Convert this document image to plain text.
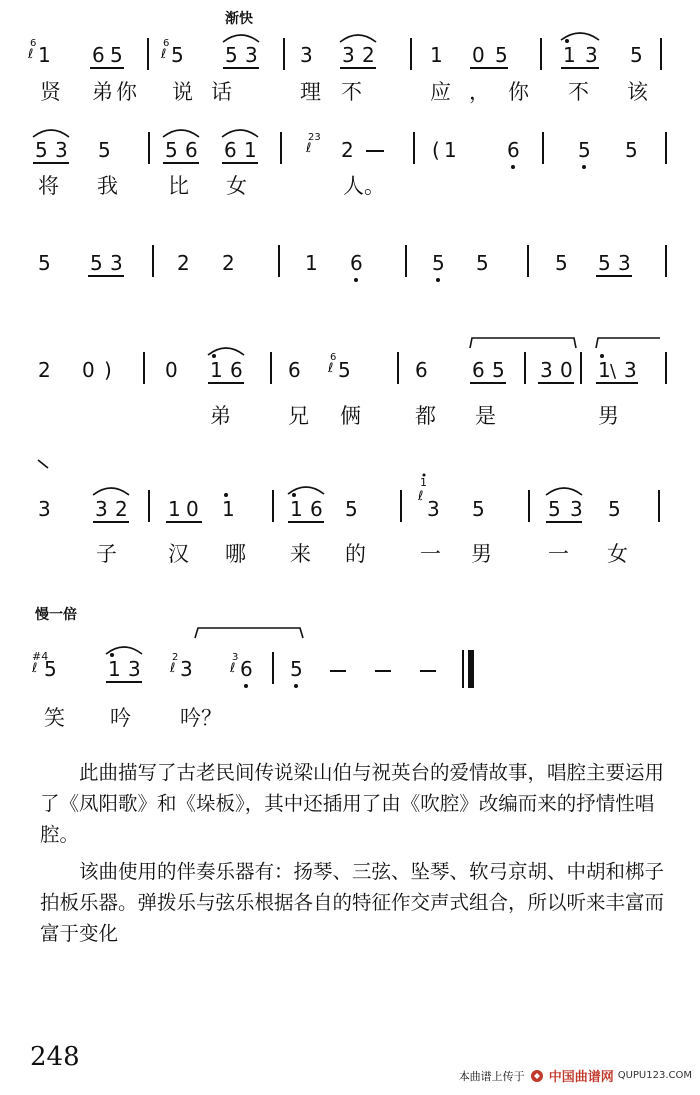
渐快
慢一倍
6
ℓ 1 6 5	6
ℓ 5 5 3 3 3 2	1 0 5	1 3 5
5 3 5	5 6 6 1
23
ℓ 2	( 1	6	5 5
5 5 3	2 2	1 6	5 5	5 5 3
2 0 )	0 1 6 6
6
ℓ 5	6 6 5 3 0 1 \ 3
3 3 2 1 0 1	1 6 5
1
ℓ
3 5	5 3 5
#4
ℓ 5	1 3	2
ℓ 3	3
ℓ 6 5
贤 弟你 说话 理不 应，你 不该
将我 比 女	人。
弟	兄 俩	都 是	男
子 汉 哪 来 的	一男 一女
笑 吟 吟？

此曲描写了古老民间传说梁山伯与祝英台的爱情故事，唱腔主要运用了《凤阳歌》和《垛板》，其中还插用了由《吹腔》改编而来的抒情性唱腔。

该曲使用的伴奏乐器有：扬琴、三弦、坠琴、软弓京胡、中胡和梆子拍板乐器。弹拨乐与弦乐根据各自的特征作交声式组合，所以听来丰富而富于变化

248
本曲谱上传于 中国曲谱网 QUPU123.COM
